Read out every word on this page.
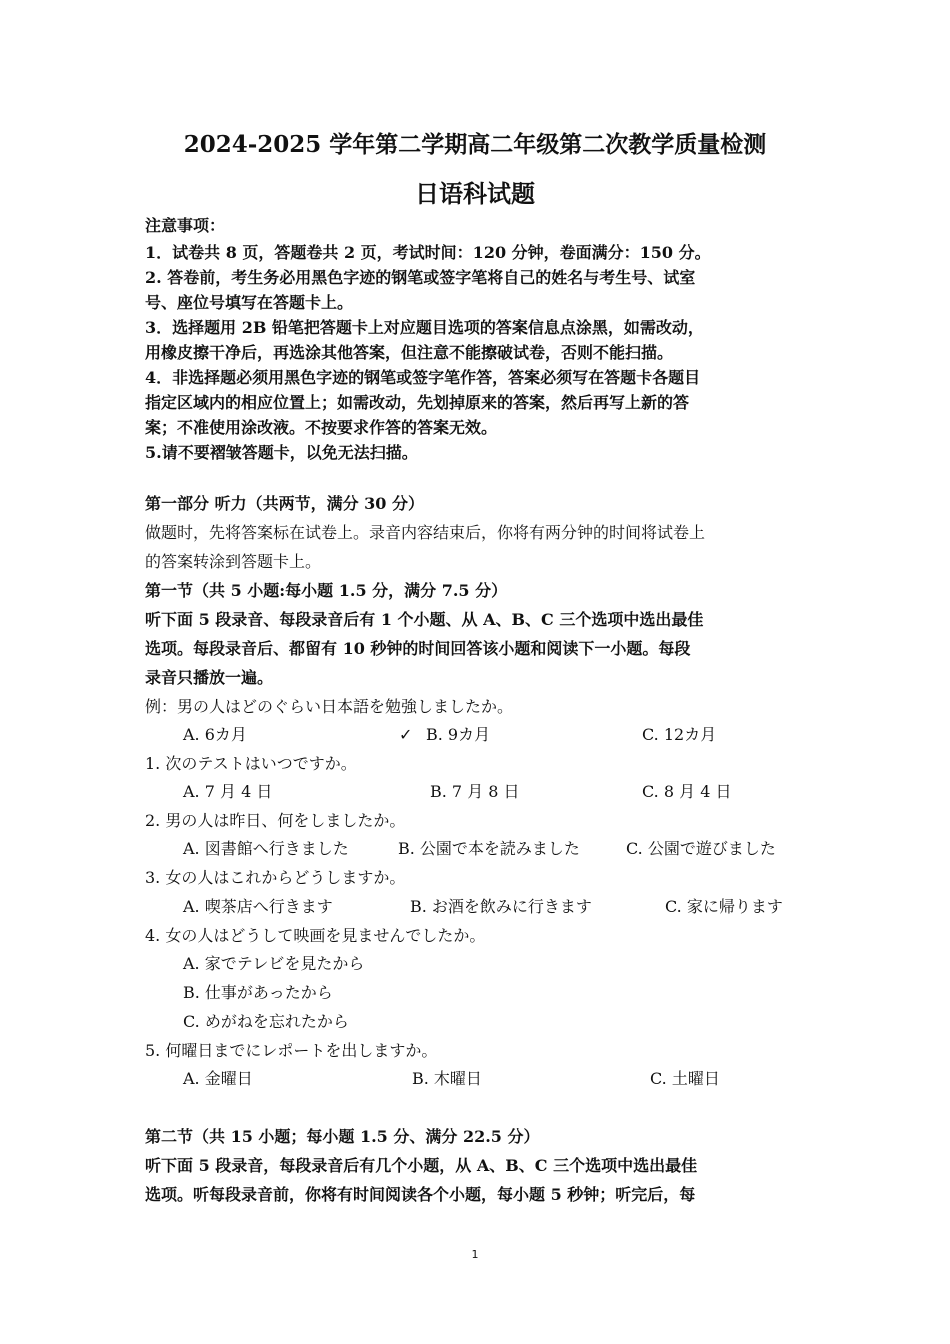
2024-2025 学年第二学期高二年级第二次教学质量检测
日语科试题
注意事项：
1．试卷共 8 页，答题卷共 2 页，考试时间：120 分钟，卷面满分：150 分。
2. 答卷前，考生务必用黑色字迹的钢笔或签字笔将自己的姓名与考生号、试室
号、座位号填写在答题卡上。
3．选择题用 2B 铅笔把答题卡上对应题目选项的答案信息点涂黑，如需改动，
用橡皮擦干净后，再选涂其他答案，但注意不能擦破试卷，否则不能扫描。
4．非选择题必须用黑色字迹的钢笔或签字笔作答，答案必须写在答题卡各题目
指定区域内的相应位置上；如需改动，先划掉原来的答案，然后再写上新的答
案；不准使用涂改液。不按要求作答的答案无效。
5.请不要褶皱答题卡，以免无法扫描。
第一部分 听力（共两节，满分 30 分）
做题时，先将答案标在试卷上。录音内容结束后，你将有两分钟的时间将试卷上
的答案转涂到答题卡上。
第一节（共 5 小题:每小题 1.5 分，满分 7.5 分）
听下面 5 段录音、每段录音后有 1 个小题、从 A、B、C 三个选项中选出最佳
选项。每段录音后、都留有 10 秒钟的时间回答该小题和阅读下一小题。每段
录音只播放一遍。
例：男の人はどのぐらい日本語を勉強しましたか。
A. 6カ月	✓ B. 9カ月	C. 12カ月
1. 次のテストはいつですか。
A. 7 月 4 日	B. 7 月 8 日	C. 8 月 4 日
2. 男の人は昨日、何をしましたか。
A. 図書館へ行きました	B. 公園で本を読みました	C. 公園で遊びました
3. 女の人はこれからどうしますか。
A. 喫茶店へ行きます	B. お酒を飲みに行きます	C. 家に帰ります
4. 女の人はどうして映画を見ませんでしたか。
A. 家でテレビを見たから
B. 仕事があったから
C. めがねを忘れたから
5. 何曜日までにレポートを出しますか。
A. 金曜日	B. 木曜日	C. 土曜日
第二节（共 15 小题；每小题 1.5 分、满分 22.5 分）
听下面 5 段录音，每段录音后有几个小题，从 A、B、C 三个选项中选出最佳
选项。听每段录音前，你将有时间阅读各个小题，每小题 5 秒钟；听完后，每
1
